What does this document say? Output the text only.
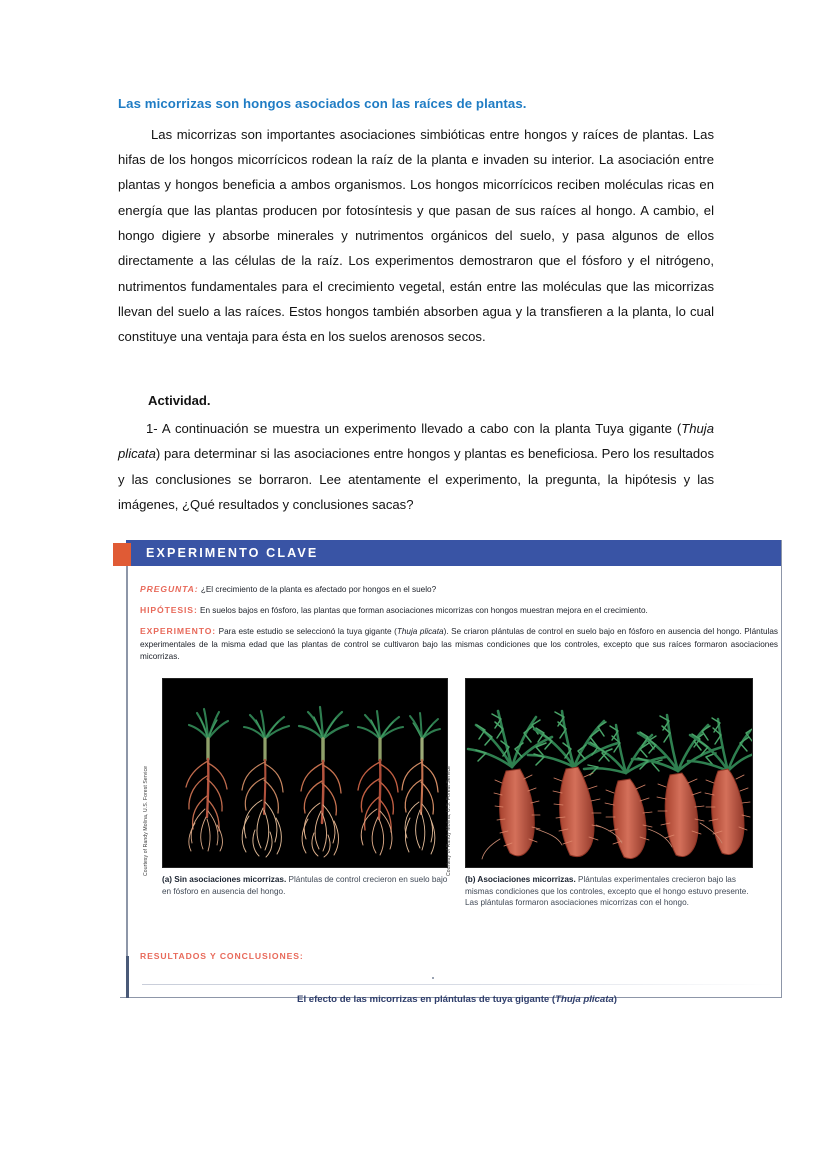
Las micorrizas son hongos asociados con las raíces de plantas.

Las micorrizas son importantes asociaciones simbióticas entre hongos y raíces de plantas. Las hifas de los hongos micorrícicos rodean la raíz de la planta e invaden su interior. La asociación entre plantas y hongos beneficia a ambos organismos. Los hongos micorrícicos reciben moléculas ricas en energía que las plantas producen por fotosíntesis y que pasan de sus raíces al hongo. A cambio, el hongo digiere y absorbe minerales y nutrimentos orgánicos del suelo, y pasa algunos de ellos directamente a las células de la raíz. Los experimentos demostraron que el fósforo y el nitrógeno, nutrimentos fundamentales para el crecimiento vegetal, están entre las moléculas que las micorrizas llevan del suelo a las raíces. Estos hongos también absorben agua y la transfieren a la planta, lo cual constituye una ventaja para ésta en los suelos arenosos secos.

Actividad.

1- A continuación se muestra un experimento llevado a cabo con la planta Tuya gigante (Thuja plicata) para determinar si las asociaciones entre hongos y plantas es beneficiosa. Pero los resultados y las conclusiones se borraron. Lee atentamente el experimento, la pregunta, la hipótesis y las imágenes, ¿Qué resultados y conclusiones sacas?

EXPERIMENTO CLAVE

PREGUNTA: ¿El crecimiento de la planta es afectado por hongos en el suelo?

HIPÓTESIS: En suelos bajos en fósforo, las plantas que forman asociaciones micorrizas con hongos muestran mejora en el crecimiento.

EXPERIMENTO: Para este estudio se seleccionó la tuya gigante (Thuja plicata). Se criaron plántulas de control en suelo bajo en fósforo en ausencia del hongo. Plántulas experimentales de la misma edad que las plantas de control se cultivaron bajo las mismas condiciones que los controles, excepto que sus raíces formaron asociaciones micorrizas.

Courtesy of Randy Molina, U.S. Forest Service
(a) Sin asociaciones micorrizas. Plántulas de control crecieron en suelo bajo en fósforo en ausencia del hongo.
Courtesy of Randy Molina, U.S. Forest Service
(b) Asociaciones micorrizas. Plántulas experimentales crecieron bajo las mismas condiciones que los controles, excepto que el hongo estuvo presente. Las plántulas formaron asociaciones micorrizas con el hongo.
RESULTADOS Y CONCLUSIONES:
El efecto de las micorrizas en plántulas de tuya gigante (Thuja plicata)
